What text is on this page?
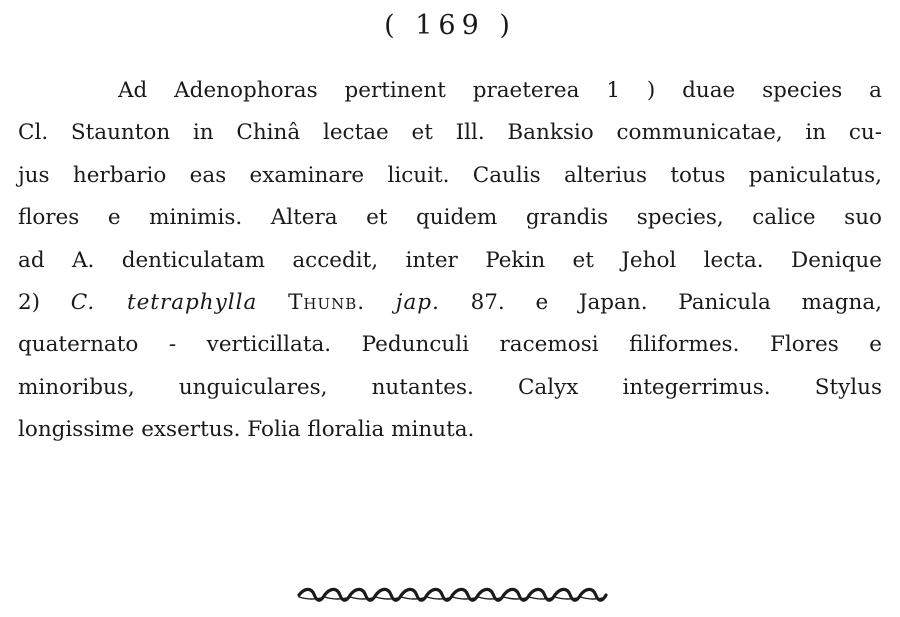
( 169 )
Ad Adenophoras pertinent praeterea 1 ) duae species a
Cl. Staunton in Chinâ lectae et Ill. Banksio communicatae, in cu-
jus herbario eas examinare licuit. Caulis alterius totus paniculatus,
flores e minimis. Altera et quidem grandis species, calice suo
ad A. denticulatam accedit, inter Pekin et Jehol lecta. Denique
2) C. tetraphylla Thunb. jap. 87. e Japan. Panicula magna,
quaternato - verticillata. Pedunculi racemosi filiformes. Flores e
minoribus, unguiculares, nutantes. Calyx integerrimus. Stylus
longissime exsertus. Folia floralia minuta.
